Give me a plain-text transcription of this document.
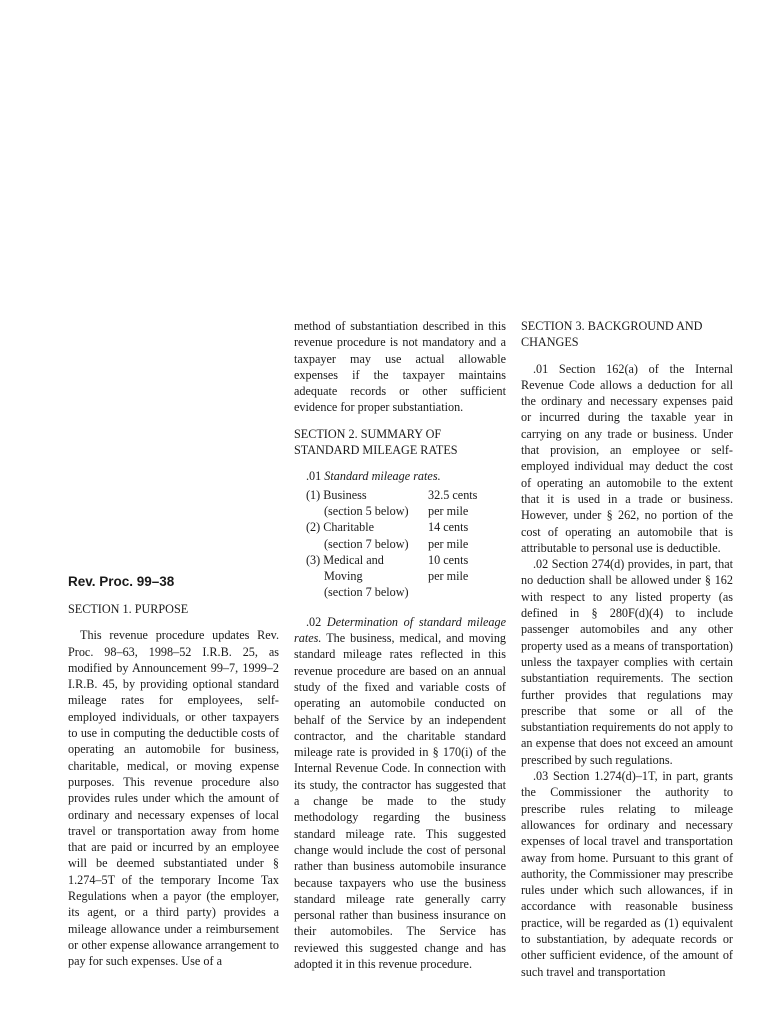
Rev. Proc. 99–38

SECTION 1. PURPOSE

This revenue procedure updates Rev. Proc. 98–63, 1998–52 I.R.B. 25, as modified by Announcement 99–7, 1999–2 I.R.B. 45, by providing optional standard mileage rates for employees, self-employed individuals, or other taxpayers to use in computing the deductible costs of operating an automobile for business, charitable, medical, or moving expense purposes. This revenue procedure also provides rules under which the amount of ordinary and necessary expenses of local travel or transportation away from home that are paid or incurred by an employee will be deemed substantiated under § 1.274–5T of the temporary Income Tax Regulations when a payor (the employer, its agent, or a third party) provides a mileage allowance under a reimbursement or other expense allowance arrangement to pay for such expenses. Use of a

method of substantiation described in this revenue procedure is not mandatory and a taxpayer may use actual allowable expenses if the taxpayer maintains adequate records or other sufficient evidence for proper substantiation.

SECTION 2. SUMMARY OF

STANDARD MILEAGE RATES

.01 Standard mileage rates.

(1) Business	32.5 cents
(section 5 below)	per mile
(2) Charitable	14 cents
(section 7 below)	per mile
(3) Medical and	10 cents
Moving	per mile
(section 7 below)

.02 Determination of standard mileage rates. The business, medical, and moving standard mileage rates reflected in this revenue procedure are based on an annual study of the fixed and variable costs of operating an automobile conducted on behalf of the Service by an independent contractor, and the charitable standard mileage rate is provided in § 170(i) of the Internal Revenue Code. In connection with its study, the contractor has suggested that a change be made to the study methodology regarding the business standard mileage rate. This suggested change would include the cost of personal rather than business automobile insurance because taxpayers who use the business standard mileage rate generally carry personal rather than business insurance on their automobiles. The Service has reviewed this suggested change and has adopted it in this revenue procedure.

SECTION 3. BACKGROUND AND

CHANGES

.01 Section 162(a) of the Internal Revenue Code allows a deduction for all the ordinary and necessary expenses paid or incurred during the taxable year in carrying on any trade or business. Under that provision, an employee or self-employed individual may deduct the cost of operating an automobile to the extent that it is used in a trade or business. However, under § 262, no portion of the cost of operating an automobile that is attributable to personal use is deductible.

.02 Section 274(d) provides, in part, that no deduction shall be allowed under § 162 with respect to any listed property (as defined in § 280F(d)(4) to include passenger automobiles and any other property used as a means of transportation) unless the taxpayer complies with certain substantiation requirements. The section further provides that regulations may prescribe that some or all of the substantiation requirements do not apply to an expense that does not exceed an amount prescribed by such regulations.

.03 Section 1.274(d)–1T, in part, grants the Commissioner the authority to prescribe rules relating to mileage allowances for ordinary and necessary expenses of local travel and transportation away from home. Pursuant to this grant of authority, the Commissioner may prescribe rules under which such allowances, if in accordance with reasonable business practice, will be regarded as (1) equivalent to substantiation, by adequate records or other sufficient evidence, of the amount of such travel and transportation
